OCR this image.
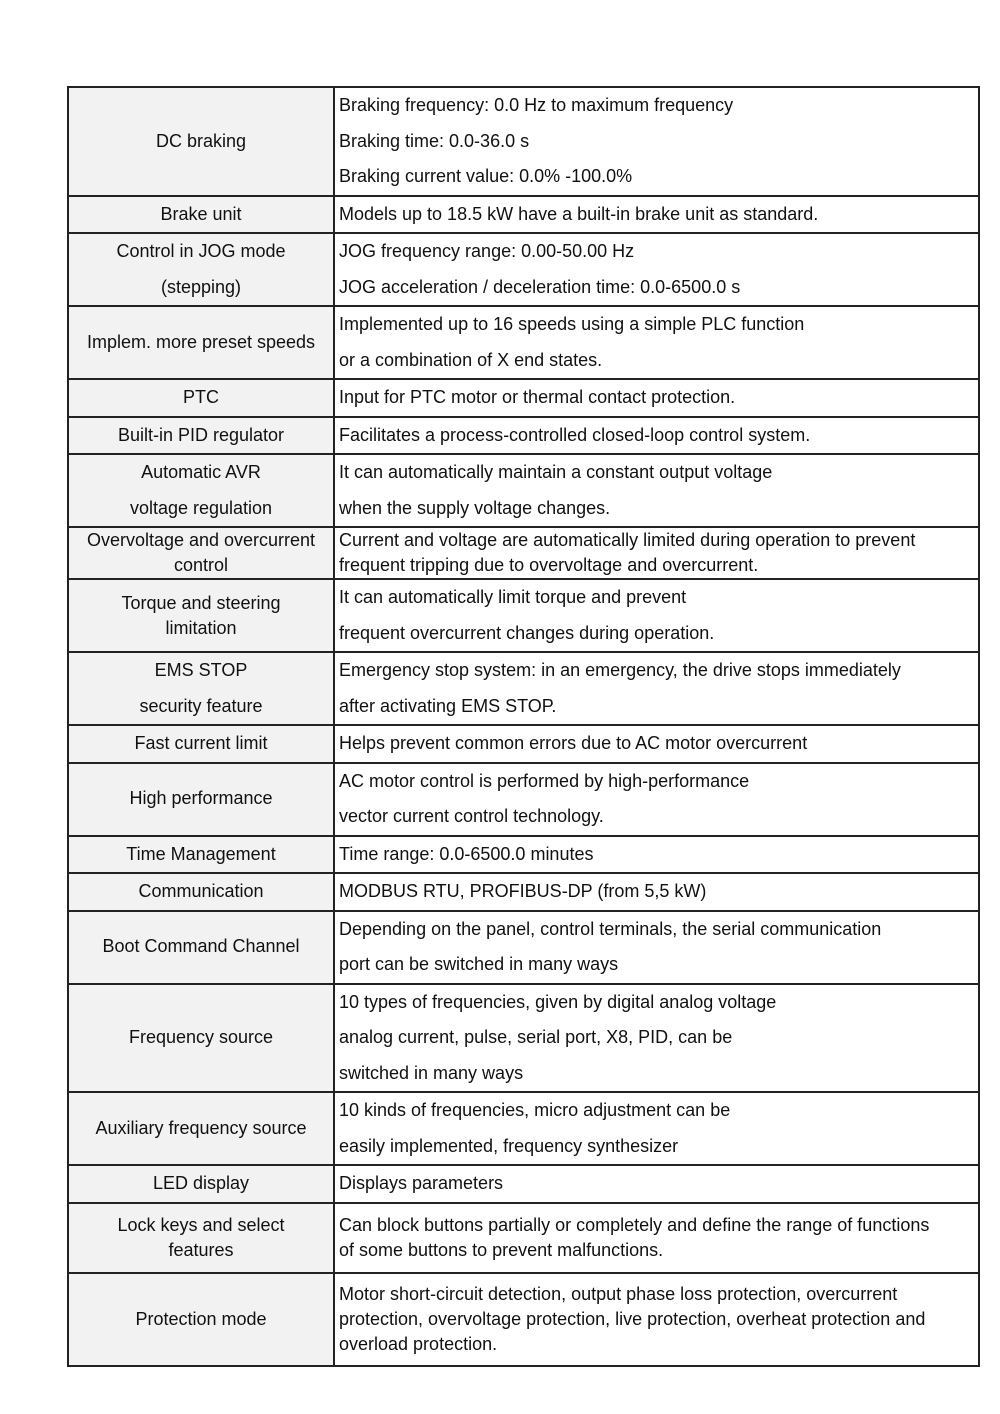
DC braking	Braking frequency: 0.0 Hz to maximum frequency
Braking time: 0.0-36.0 s
Braking current value: 0.0% -100.0%

Brake unit	Models up to 18.5 kW have a built-in brake unit as standard.

Control in JOG mode
(stepping)	JOG frequency range: 0.00-50.00 Hz
JOG acceleration / deceleration time: 0.0-6500.0 s

Implem. more preset speeds	Implemented up to 16 speeds using a simple PLC function
or a combination of X end states.

PTC	Input for PTC motor or thermal contact protection.

Built-in PID regulator	Facilitates a process-controlled closed-loop control system.

Automatic AVR
voltage regulation	It can automatically maintain a constant output voltage
when the supply voltage changes.

Overvoltage and overcurrent
control	Current and voltage are automatically limited during operation to prevent
frequent tripping due to overvoltage and overcurrent.

Torque and steering
limitation	It can automatically limit torque and prevent
frequent overcurrent changes during operation.

EMS STOP
security feature	Emergency stop system: in an emergency, the drive stops immediately
after activating EMS STOP.

Fast current limit	Helps prevent common errors due to AC motor overcurrent

High performance	AC motor control is performed by high-performance
vector current control technology.

Time Management	Time range: 0.0-6500.0 minutes

Communication	MODBUS RTU, PROFIBUS-DP (from 5,5 kW)

Boot Command Channel	Depending on the panel, control terminals, the serial communication
port can be switched in many ways

Frequency source	10 types of frequencies, given by digital analog voltage
analog current, pulse, serial port, X8, PID, can be
switched in many ways

Auxiliary frequency source	10 kinds of frequencies, micro adjustment can be
easily implemented, frequency synthesizer

LED display	Displays parameters

Lock keys and select
features	Can block buttons partially or completely and define the range of functions
of some buttons to prevent malfunctions.

Protection mode	Motor short-circuit detection, output phase loss protection, overcurrent
protection, overvoltage protection, live protection, overheat protection and
overload protection.
